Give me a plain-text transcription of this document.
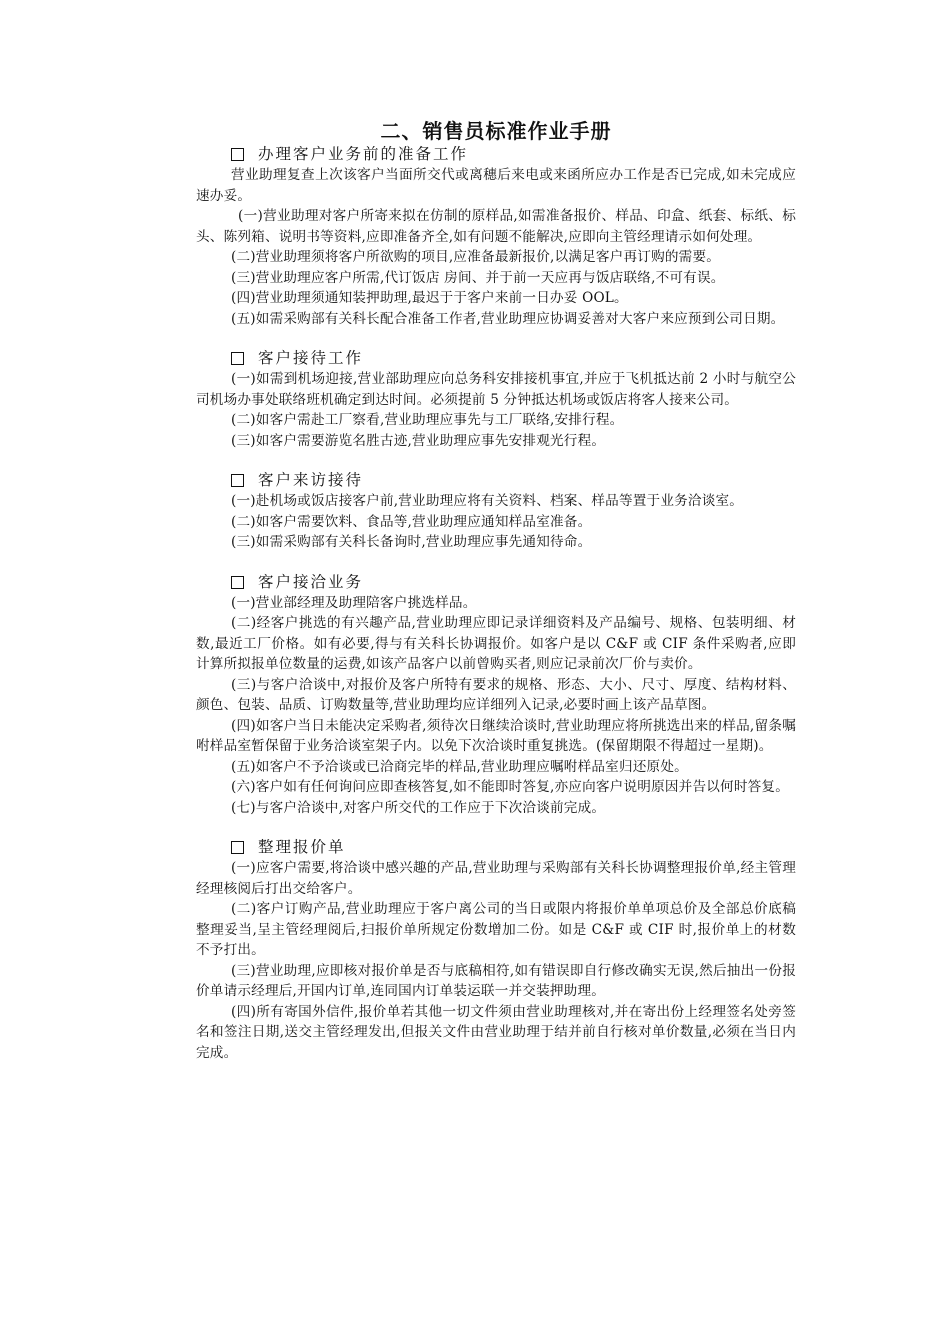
二、销售员标准作业手册
办理客户业务前的准备工作

营业助理复查上次该客户当面所交代或离穗后来电或来函所应办工作是否已完成,如未完成应速办妥。

(一)营业助理对客户所寄来拟在仿制的原样品,如需准备报价、样品、印盒、纸套、标纸、标头、陈列箱、说明书等资料,应即准备齐全,如有问题不能解决,应即向主管经理请示如何处理。

(二)营业助理须将客户所欲购的项目,应准备最新报价,以满足客户再订购的需要。

(三)营业助理应客户所需,代订饭店 房间、并于前一天应再与饭店联络,不可有误。

(四)营业助理须通知装押助理,最迟于于客户来前一日办妥 OOL。

(五)如需采购部有关科长配合准备工作者,营业助理应协调妥善对大客户来应预到公司日期。

客户接待工作

(一)如需到机场迎接,营业部助理应向总务科安排接机事宜,并应于飞机抵达前 2 小时与航空公司机场办事处联络班机确定到达时间。必须提前 5 分钟抵达机场或饭店将客人接来公司。

(二)如客户需赴工厂察看,营业助理应事先与工厂联络,安排行程。

(三)如客户需要游览名胜古迹,营业助理应事先安排观光行程。

客户来访接待

(一)赴机场或饭店接客户前,营业助理应将有关资料、档案、样品等置于业务洽谈室。

(二)如客户需要饮料、食品等,营业助理应通知样品室准备。

(三)如需采购部有关科长备询时,营业助理应事先通知待命。

客户接洽业务

(一)营业部经理及助理陪客户挑选样品。

(二)经客户挑选的有兴趣产品,营业助理应即记录详细资料及产品编号、规格、包装明细、材数,最近工厂价格。如有必要,得与有关科长协调报价。如客户是以 C&F 或 CIF 条件采购者,应即计算所拟报单位数量的运费,如该产品客户以前曾购买者,则应记录前次厂价与卖价。

(三)与客户洽谈中,对报价及客户所特有要求的规格、形态、大小、尺寸、厚度、结构材料、颜色、包装、品质、订购数量等,营业助理均应详细列入记录,必要时画上该产品草图。

(四)如客户当日未能决定采购者,须待次日继续洽谈时,营业助理应将所挑选出来的样品,留条嘱咐样品室暂保留于业务洽谈室架子内。以免下次洽谈时重复挑选。(保留期限不得超过一星期)。

(五)如客户不予洽谈或已洽商完毕的样品,营业助理应嘱咐样品室归还原处。

(六)客户如有任何询问应即查核答复,如不能即时答复,亦应向客户说明原因并告以何时答复。

(七)与客户洽谈中,对客户所交代的工作应于下次洽谈前完成。

整理报价单

(一)应客户需要,将洽谈中感兴趣的产品,营业助理与采购部有关科长协调整理报价单,经主管理经理核阅后打出交给客户。

(二)客户订购产品,营业助理应于客户离公司的当日或限内将报价单单项总价及全部总价底稿整理妥当,呈主管经理阅后,扫报价单所规定份数增加二份。如是 C&F 或 CIF 时,报价单上的材数不予打出。

(三)营业助理,应即核对报价单是否与底稿相符,如有错误即自行修改确实无误,然后抽出一份报价单请示经理后,开国内订单,连同国内订单装运联一并交装押助理。

(四)所有寄国外信件,报价单若其他一切文件须由营业助理核对,并在寄出份上经理签名处旁签名和签注日期,送交主管经理发出,但报关文件由营业助理于结并前自行核对单价数量,必须在当日内完成。
